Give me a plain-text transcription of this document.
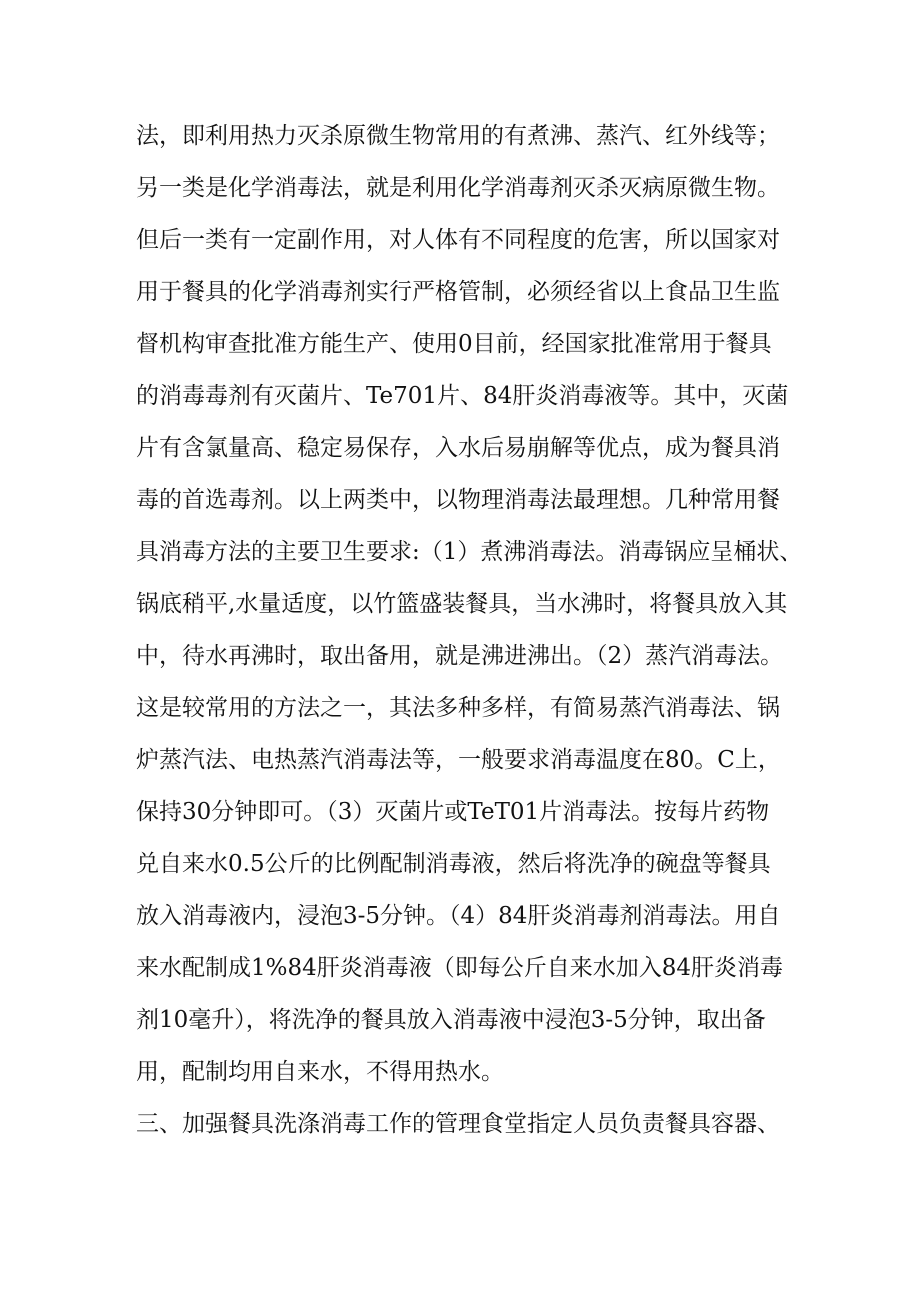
法，即利用热力灭杀原微生物常用的有煮沸、蒸汽、红外线等；
另一类是化学消毒法，就是利用化学消毒剂灭杀灭病原微生物。
但后一类有一定副作用，对人体有不同程度的危害，所以国家对
用于餐具的化学消毒剂实行严格管制，必须经省以上食品卫生监
督机构审查批准方能生产、使用0目前，经国家批准常用于餐具
的消毒毒剂有灭菌片、Te701片、84肝炎消毒液等。其中，灭菌
片有含氯量高、稳定易保存，入水后易崩解等优点，成为餐具消
毒的首选毒剂。以上两类中，以物理消毒法最理想。几种常用餐
具消毒方法的主要卫生要求:（1）煮沸消毒法。消毒锅应呈桶状、
锅底稍平,水量适度，以竹篮盛装餐具，当水沸时，将餐具放入其
中，待水再沸时，取出备用，就是沸进沸出。（2）蒸汽消毒法。
这是较常用的方法之一，其法多种多样，有简易蒸汽消毒法、锅
炉蒸汽法、电热蒸汽消毒法等，一般要求消毒温度在80。C上，
保持30分钟即可。（3）灭菌片或TeT01片消毒法。按每片药物
兑自来水0.5公斤的比例配制消毒液，然后将洗净的碗盘等餐具
放入消毒液内，浸泡3-5分钟。（4）84肝炎消毒剂消毒法。用自
来水配制成1%84肝炎消毒液（即每公斤自来水加入84肝炎消毒
剂10毫升），将洗净的餐具放入消毒液中浸泡3-5分钟，取出备
用，配制均用自来水，不得用热水。
三、加强餐具洗涤消毒工作的管理食堂指定人员负责餐具容器、
